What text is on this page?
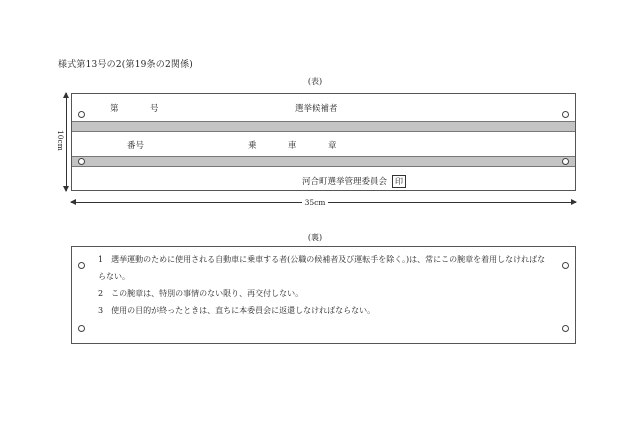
様式第13号の2(第19条の2関係)
(表)
第	号	選挙候補者
番号	乗	車	章
河合町選挙管理委員会 印
10cm
35cm
(裏)
1　選挙運動のために使用される自動車に乗車する者(公職の候補者及び運転手を除く。)は、常にこの腕章を着用しなければな
らない。
2　この腕章は、特別の事情のない限り、再交付しない。
3　使用の目的が終ったときは、直ちに本委員会に返還しなければならない。
